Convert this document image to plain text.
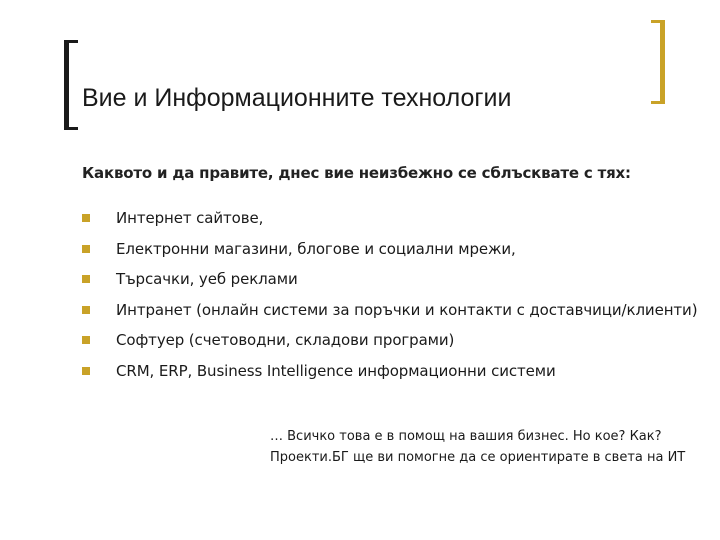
Вие и Информационните технологии
Каквото и да правите, днес вие неизбежно се сблъсквате с тях:
Интернет сайтове,
Електронни магазини, блогове и социални мрежи,
Търсачки, уеб реклами
Интранет (онлайн системи за поръчки и контакти с доставчици/клиенти)
Софтуер (счетоводни, складови програми)
CRM, ERP, Business Intelligence информационни системи
… Всичко това е в помощ на вашия бизнес. Но кое? Как?
Проекти.БГ ще ви помогне да се ориентирате в света на ИТ
